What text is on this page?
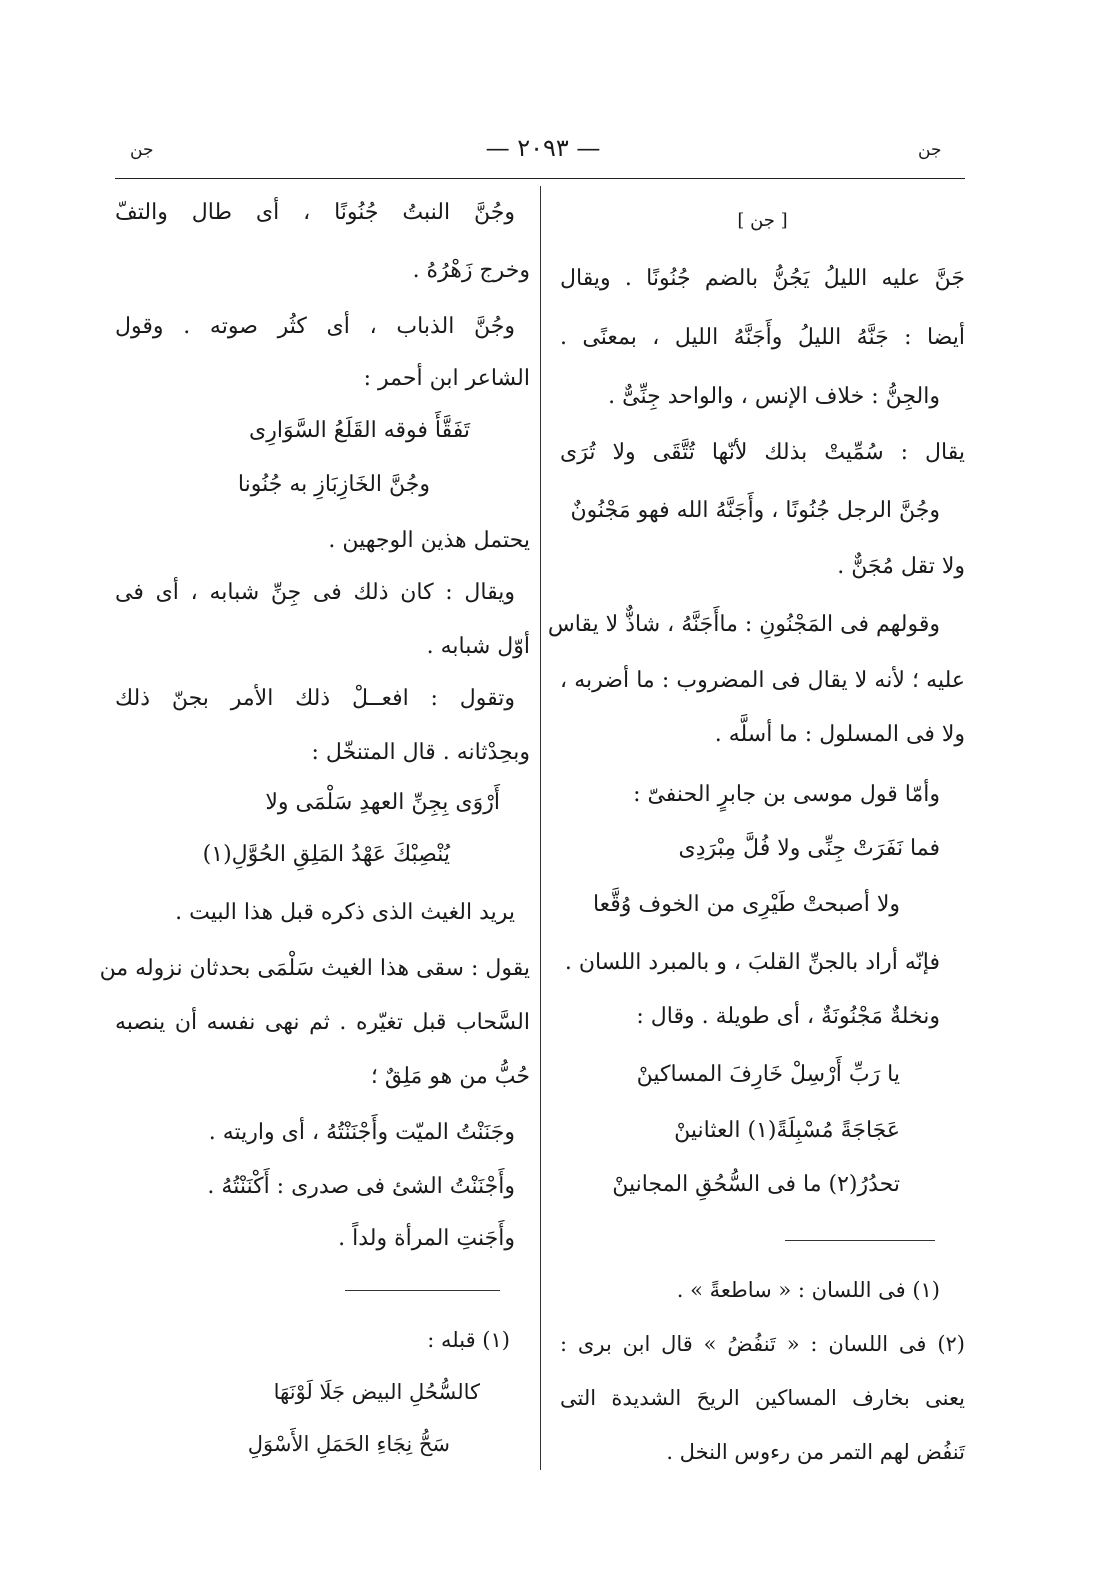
جن	— ٢٠٩٣ —	جن
[ جن ]
جَنَّ عليه الليلُ يَجُنُّ بالضم جُنُونًا . ويقال
أيضا : جَنَّهُ الليلُ وأَجَنَّهُ الليل ، بمعنًى .
والجِنُّ : خلاف الإنس ، والواحد جِنِّىٌّ .
يقال : سُمِّيتْ بذلك لأنّها تُتَّقَى ولا تُرَى
وجُنَّ الرجل جُنُونًا ، وأَجَنَّهُ الله فهو مَجْنُونٌ
ولا تقل مُجَنٌّ .
وقولهم فى المَجْنُونِ : ماأَجَنَّهُ ، شاذٌّ لا يقاس
عليه ؛ لأنه لا يقال فى المضروب : ما أضربه ،
ولا فى المسلول : ما أسلَّه .
وأمّا قول موسى بن جابرٍ الحنفىّ :
فما نَفَرَتْ جِنِّى ولا فُلَّ مِبْرَدِى
ولا أصبحتْ طَيْرِى من الخوف وُقَّعا
فإنّه أراد بالجنِّ القلبَ ، و بالمبرد اللسان .
ونخلةٌ مَجْنُونَةٌ ، أى طويلة . وقال :
يا رَبِّ أَرْسِلْ خَارِفَ المساكينْ
عَجَاجَةً مُسْبِلَةً(١) العثانينْ
تحدُرُ(٢) ما فى السُّحُقِ المجانينْ
(١) فى اللسان : « ساطعةً » .
(٢) فى اللسان : « تَنفُضُ » قال ابن برى :
يعنى بخارف المساكين الريحَ الشديدة التى
تَنفُض لهم التمر من رءوس النخل .
وجُنَّ النبتُ جُنُونًا ، أى طال والتفّ
وخرج زَهْرُهُ .
وجُنَّ الذباب ، أى كثُر صوته . وقول
الشاعر ابن أحمر :
تَفَقَّأَ فوقه القَلَعُ السَّوَارِى
وجُنَّ الخَازِبَازِ به جُنُونا
يحتمل هذين الوجهين .
ويقال : كان ذلك فى جِنِّ شبابه ، أى فى
أوّل شبابه .
وتقول : افعــلْ ذلك الأمر بجنّ ذلك
وبحِدْثانه . قال المتنخّل :
أَرْوَى بِجِنِّ العهدِ سَلْمَى ولا
يُنْصِبْكَ عَهْدُ المَلِقِ الحُوَّلِ(١)
يريد الغيث الذى ذكره قبل هذا البيت .
يقول : سقى هذا الغيث سَلْمَى بحدثان نزوله من
السَّحاب قبل تغيّره . ثم نهى نفسه أن ينصبه
حُبُّ من هو مَلِقٌ ؛
وجَنَنْتُ الميّت وأَجْنَنْتُهُ ، أى واريته .
وأَجْنَنْتُ الشئ فى صدرى : أَكْنَنْتُهُ .
وأَجَنتِ المرأة ولداً .
(١) قبله :
كالسُّحُلِ البيض جَلَا لَوْنَهَا
سَحُّ نِجَاءِ الحَمَلِ الأَسْوَلِ
